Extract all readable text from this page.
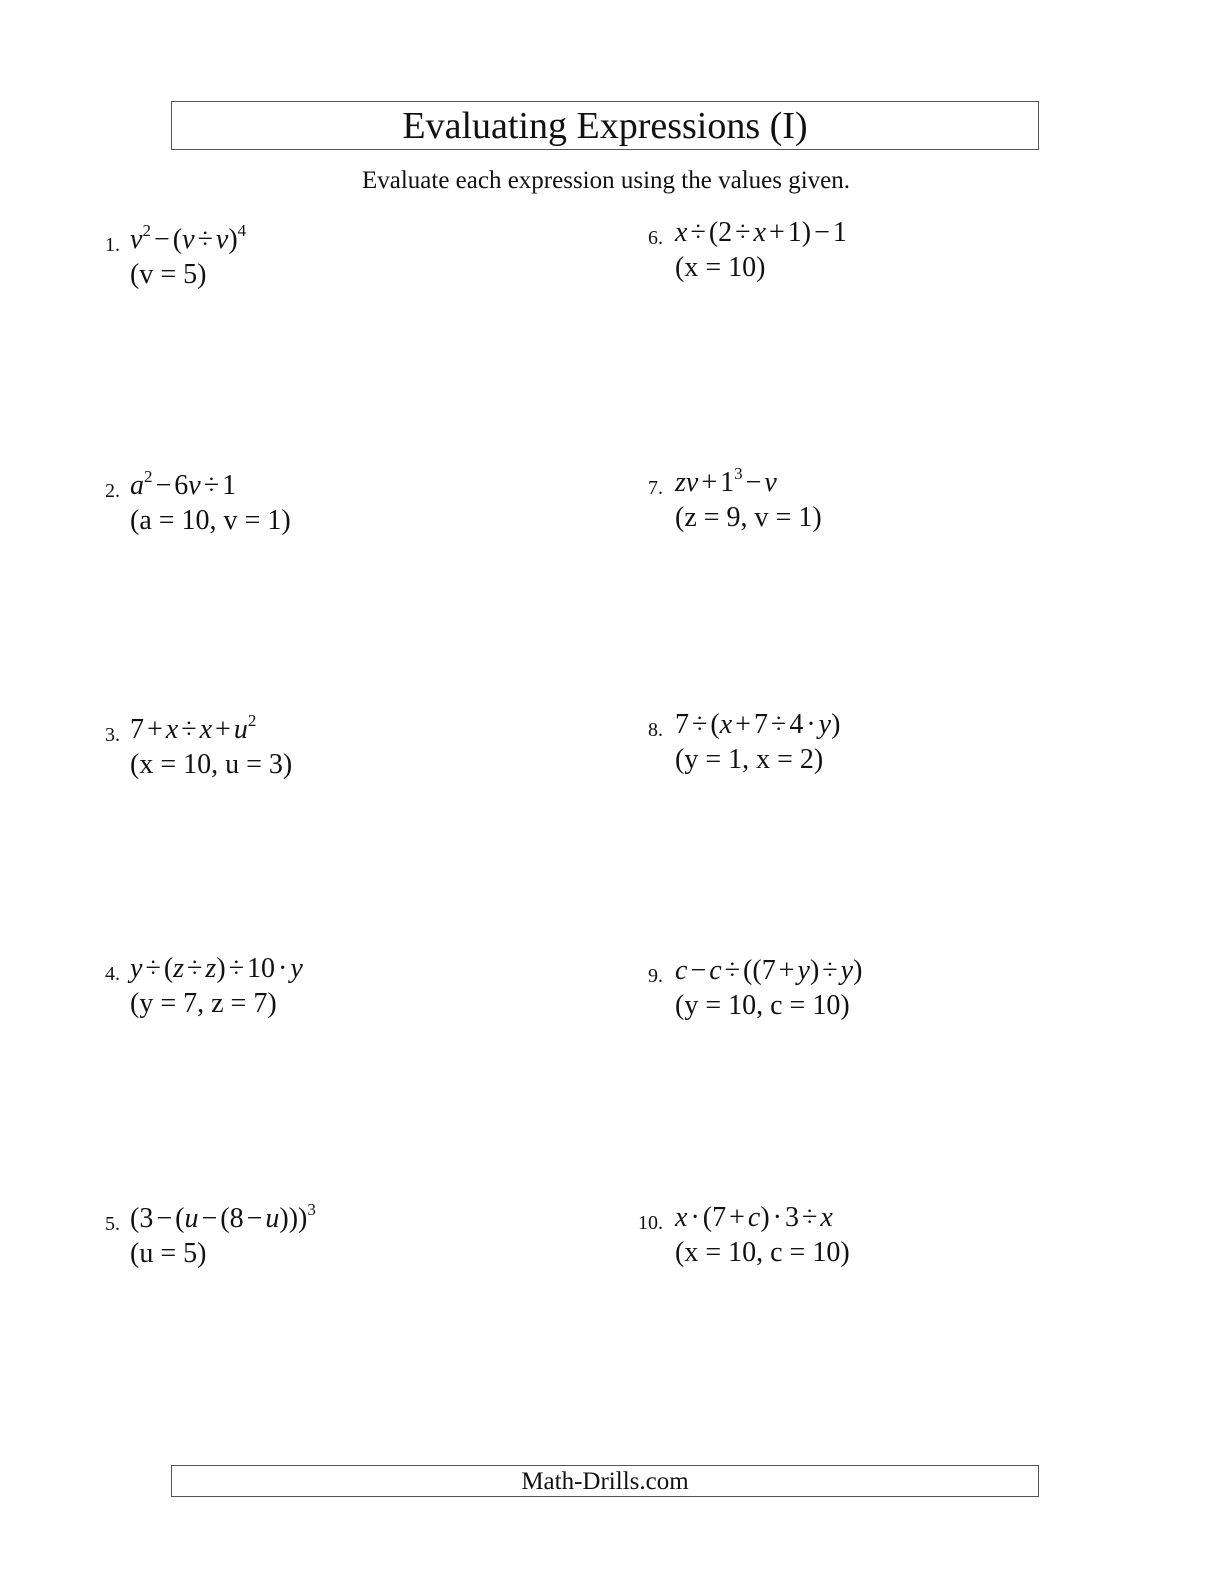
Evaluating Expressions (I)
Evaluate each expression using the values given.
1. $v^2 - (v \div v)^4$
(v = 5)
2. $a^2 - 6v \div 1$
(a = 10, v = 1)
3. $7 + x \div x + u^2$
(x = 10, u = 3)
4. y ÷ (z ÷ z) ÷ 10 · y
(y = 7, z = 7)
5. $(3 - (u - (8 - u)))^3$
(u = 5)
6. x ÷ (2 ÷ x + 1) − 1
(x = 10)
7. zv + $1^3 - v$
(z = 9, v = 1)
8. 7 ÷ (x + 7 ÷ 4 · y)
(y = 1, x = 2)
9. c − c ÷ ((7 + y) ÷ y)
(y = 10, c = 10)
10. x · (7 + c) · 3 ÷ x
(x = 10, c = 10)
Math-Drills.com
